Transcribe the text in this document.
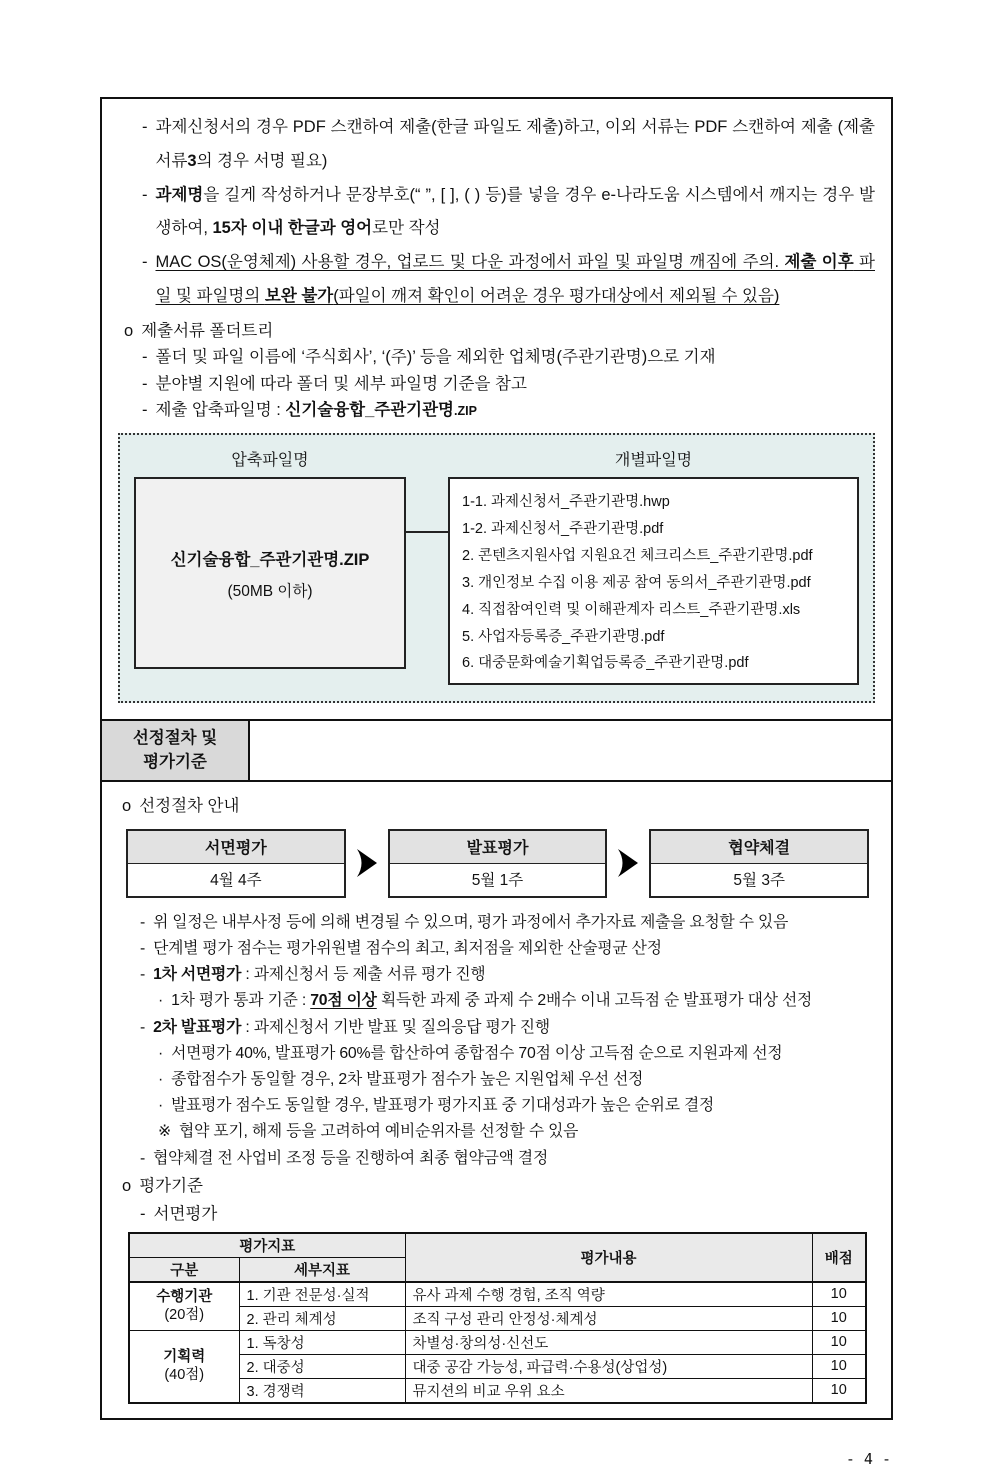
- 과제신청서의 경우 PDF 스캔하여 제출(한글 파일도 제출)하고, 이외 서류는 PDF 스캔하여 제출 (제출서류3의 경우 서명 필요)
- 과제명을 길게 작성하거나 문장부호(“ ”, [ ], ( ) 등)를 넣을 경우 e-나라도움 시스템에서 깨지는 경우 발생하여, 15자 이내 한글과 영어로만 작성
- MAC OS(운영체제) 사용할 경우, 업로드 및 다운 과정에서 파일 및 파일명 깨짐에 주의. 제출 이후 파일 및 파일명의 보완 불가(파일이 깨져 확인이 어려운 경우 평가대상에서 제외될 수 있음)
o 제출서류 폴더트리
- 폴더 및 파일 이름에 ‘주식회사’, ‘(주)’ 등을 제외한 업체명(주관기관명)으로 기재
- 분야별 지원에 따라 폴더 및 세부 파일명 기준을 참고
- 제출 압축파일명 : 신기술융합_주관기관명.ZIP
압축파일명
신기술융합_주관기관명.ZIP
(50MB 이하)
개별파일명
1-1. 과제신청서_주관기관명.hwp
1-2. 과제신청서_주관기관명.pdf
2. 콘텐츠지원사업 지원요건 체크리스트_주관기관명.pdf
3. 개인정보 수집 이용 제공 참여 동의서_주관기관명.pdf
4. 직접참여인력 및 이해관계자 리스트_주관기관명.xls
5. 사업자등록증_주관기관명.pdf
6. 대중문화예술기획업등록증_주관기관명.pdf
선정절차 및
평가기준
o 선정절차 안내
서면평가
4월 4주
발표평가
5월 1주
협약체결
5월 3주
- 위 일정은 내부사정 등에 의해 변경될 수 있으며, 평가 과정에서 추가자료 제출을 요청할 수 있음
- 단계별 평가 점수는 평가위원별 점수의 최고, 최저점을 제외한 산술평균 산정
- 1차 서면평가 : 과제신청서 등 제출 서류 평가 진행
· 1차 평가 통과 기준 : 70점 이상 획득한 과제 중 과제 수 2배수 이내 고득점 순 발표평가 대상 선정
- 2차 발표평가 : 과제신청서 기반 발표 및 질의응답 평가 진행
· 서면평가 40%, 발표평가 60%를 합산하여 종합점수 70점 이상 고득점 순으로 지원과제 선정
· 종합점수가 동일할 경우, 2차 발표평가 점수가 높은 지원업체 우선 선정
· 발표평가 점수도 동일할 경우, 발표평가 평가지표 중 기대성과가 높은 순위로 결정
※ 협약 포기, 해제 등을 고려하여 예비순위자를 선정할 수 있음
- 협약체결 전 사업비 조정 등을 진행하여 최종 협약금액 결정
o 평가기준
- 서면평가
평가지표		평가내용	배점
구분	세부지표		
수행기관
(20점)	1. 기관 전문성·실적	유사 과제 수행 경험, 조직 역량	10
	2. 관리 체계성	조직 구성 관리 안정성·체계성	10
기획력
(40점)	1. 독창성	차별성·창의성·신선도	10
	2. 대중성	대중 공감 가능성, 파급력·수용성(상업성)	10
	3. 경쟁력	뮤지션의 비교 우위 요소	10
- 4 -
